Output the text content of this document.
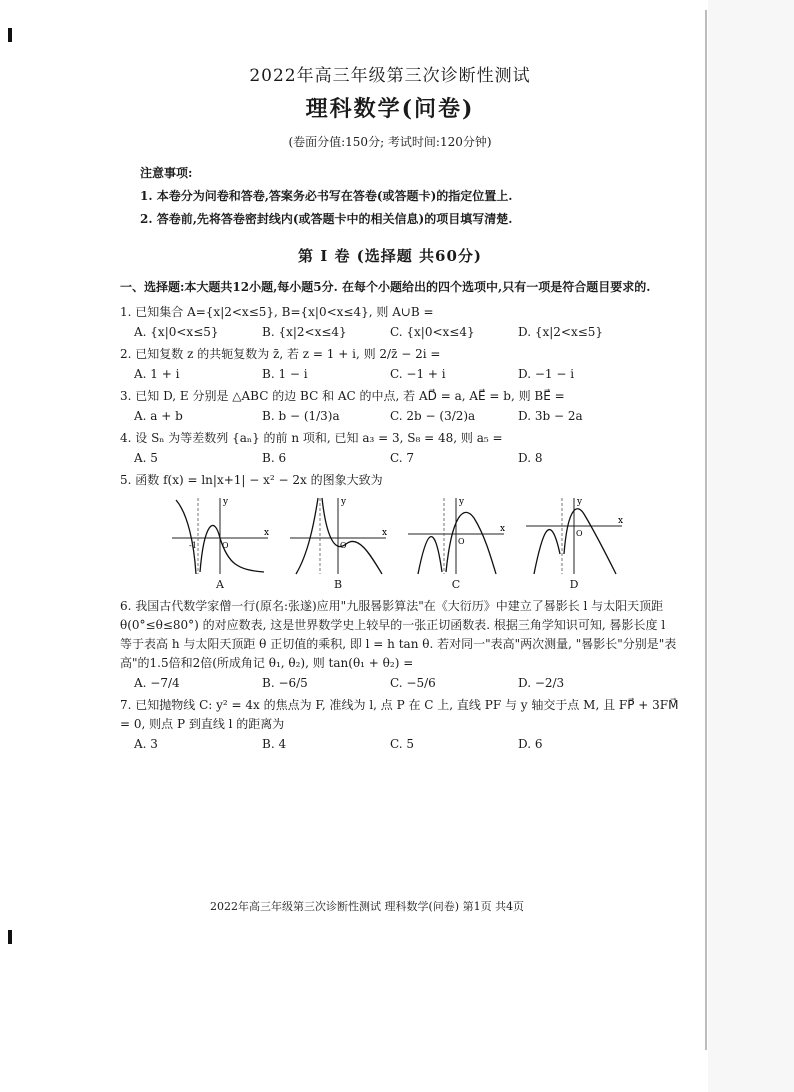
2022年高三年级第三次诊断性测试
理科数学(问卷)
(卷面分值:150分; 考试时间:120分钟)
注意事项:
1. 本卷分为问卷和答卷,答案务必书写在答卷(或答题卡)的指定位置上.
2. 答卷前,先将答卷密封线内(或答题卡中的相关信息)的项目填写清楚.
第 I 卷 (选择题 共60分)
一、选择题:本大题共12小题,每小题5分. 在每个小题给出的四个选项中,只有一项是符合题目要求的.
1. 已知集合 A={x|2<x≤5}, B={x|0<x≤4}, 则 A∪B =
A. {x|0<x≤5}	B. {x|2<x≤4}	C. {x|0<x≤4}	D. {x|2<x≤5}
2. 已知复数 z 的共轭复数为 z̄, 若 z = 1 + i, 则 2/z̄ − 2i =
A. 1 + i	B. 1 − i	C. −1 + i	D. −1 − i
3. 已知 D, E 分别是 △ABC 的边 BC 和 AC 的中点, 若 AD⃗ = a, AE⃗ = b, 则 BE⃗ =
A. a + b	B. b − (1/3)a	C. 2b − (3/2)a	D. 3b − 2a
4. 设 Sₙ 为等差数列 {aₙ} 的前 n 项和, 已知 a₃ = 3, S₈ = 48, 则 a₅ =
A. 5	B. 6	C. 7	D. 8
5. 函数 f(x) = ln|x+1| − x² − 2x 的图象大致为
x
y
-1	O
A
x
y
O
B
x
y
O
C
x
y
O
D
6. 我国古代数学家僧一行(原名:张遂)应用"九服晷影算法"在《大衍历》中建立了晷影长 l 与太阳天顶距 θ(0°≤θ≤80°) 的对应数表, 这是世界数学史上较早的一张正切函数表. 根据三角学知识可知, 晷影长度 l 等于表高 h 与太阳天顶距 θ 正切值的乘积, 即 l = h tan θ. 若对同一"表高"两次测量, "晷影长"分别是"表高"的1.5倍和2倍(所成角记 θ₁, θ₂), 则 tan(θ₁ + θ₂) =
A. −7/4	B. −6/5	C. −5/6	D. −2/3
7. 已知抛物线 C: y² = 4x 的焦点为 F, 准线为 l, 点 P 在 C 上, 直线 PF 与 y 轴交于点 M, 且 FP⃗ + 3FM⃗ = 0, 则点 P 到直线 l 的距离为
A. 3	B. 4	C. 5	D. 6
2022年高三年级第三次诊断性测试 理科数学(问卷) 第1页 共4页
